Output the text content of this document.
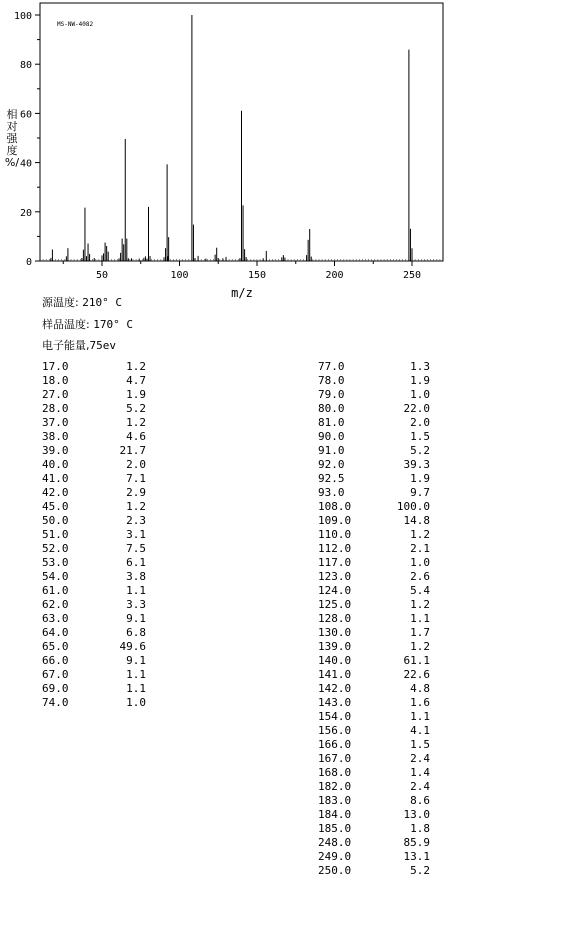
MS-NW-4082
相
对
强
度
%/
0
20
40
60
80
100
50	100	150	200	250
m/z
源温度: 210° C
样品温度: 170° C
电子能量,75ev
17.0	1.2
18.0	4.7
27.0	1.9
28.0	5.2
37.0	1.2
38.0	4.6
39.0	21.7
40.0	2.0
41.0	7.1
42.0	2.9
45.0	1.2
50.0	2.3
51.0	3.1
52.0	7.5
53.0	6.1
54.0	3.8
61.0	1.1
62.0	3.3
63.0	9.1
64.0	6.8
65.0	49.6
66.0	9.1
67.0	1.1
69.0	1.1
74.0	1.0
77.0	1.3
78.0	1.9
79.0	1.0
80.0	22.0
81.0	2.0
90.0	1.5
91.0	5.2
92.0	39.3
92.5	1.9
93.0	9.7
108.0	100.0
109.0	14.8
110.0	1.2
112.0	2.1
117.0	1.0
123.0	2.6
124.0	5.4
125.0	1.2
128.0	1.1
130.0	1.7
139.0	1.2
140.0	61.1
141.0	22.6
142.0	4.8
143.0	1.6
154.0	1.1
156.0	4.1
166.0	1.5
167.0	2.4
168.0	1.4
182.0	2.4
183.0	8.6
184.0	13.0
185.0	1.8
248.0	85.9
249.0	13.1
250.0	5.2
